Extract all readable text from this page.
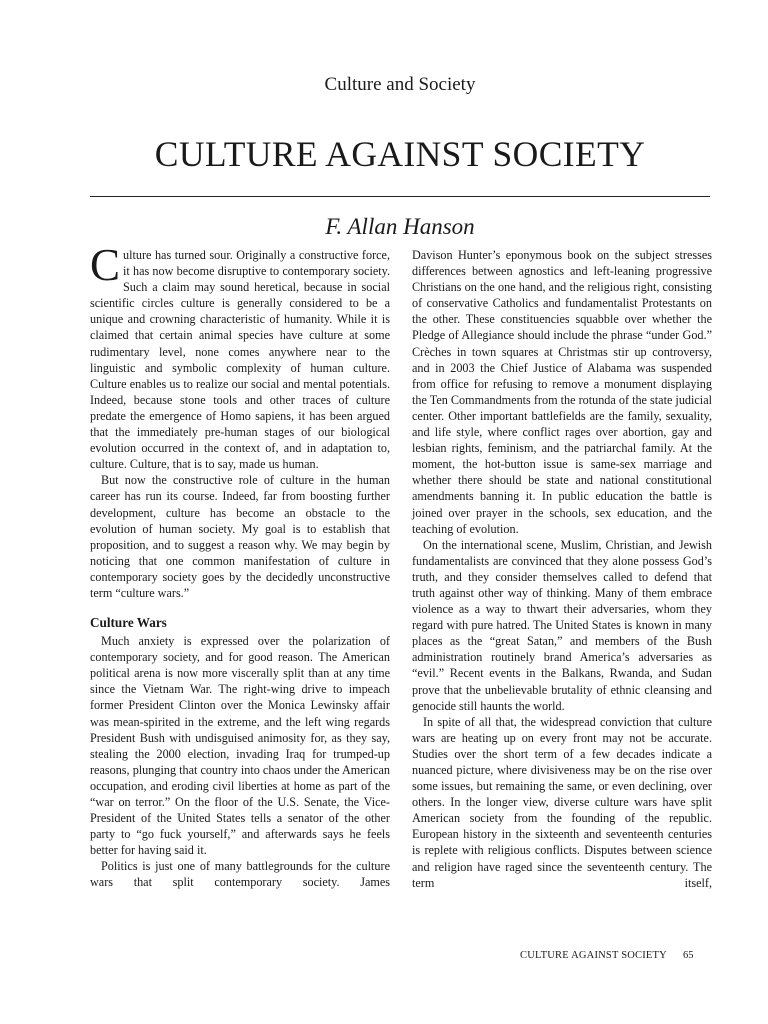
Culture and Society
CULTURE AGAINST SOCIETY
F. Allan Hanson

Culture has turned sour. Originally a constructive force, it has now become disruptive to contemporary society. Such a claim may sound heretical, because in social scientific circles culture is generally considered to be a unique and crowning characteristic of humanity. While it is claimed that certain animal species have culture at some rudimentary level, none comes anywhere near to the linguistic and symbolic complexity of human culture. Culture enables us to realize our social and mental potentials. Indeed, because stone tools and other traces of culture predate the emergence of Homo sapiens, it has been argued that the immediately pre-human stages of our biological evolution occurred in the context of, and in adaptation to, culture. Culture, that is to say, made us human.

But now the constructive role of culture in the human career has run its course. Indeed, far from boosting further development, culture has become an obstacle to the evolution of human society. My goal is to establish that proposition, and to suggest a reason why. We may begin by noticing that one common manifestation of culture in contemporary society goes by the decidedly unconstructive term “culture wars.”

Culture Wars

Much anxiety is expressed over the polarization of contemporary society, and for good reason. The American political arena is now more viscerally split than at any time since the Vietnam War. The right-wing drive to impeach former President Clinton over the Monica Lewinsky affair was mean-spirited in the extreme, and the left wing regards President Bush with undisguised animosity for, as they say, stealing the 2000 election, invading Iraq for trumped-up reasons, plunging that country into chaos under the American occupation, and eroding civil liberties at home as part of the “war on terror.” On the floor of the U.S. Senate, the Vice-President of the United States tells a senator of the other party to “go fuck yourself,” and afterwards says he feels better for having said it.

Politics is just one of many battlegrounds for the culture wars that split contemporary society. James

Davison Hunter’s eponymous book on the subject stresses differences between agnostics and left-leaning progressive Christians on the one hand, and the religious right, consisting of conservative Catholics and fundamentalist Protestants on the other. These constituencies squabble over whether the Pledge of Allegiance should include the phrase “under God.” Crèches in town squares at Christmas stir up controversy, and in 2003 the Chief Justice of Alabama was suspended from office for refusing to remove a monument displaying the Ten Commandments from the rotunda of the state judicial center. Other important battlefields are the family, sexuality, and life style, where conflict rages over abortion, gay and lesbian rights, feminism, and the patriarchal family. At the moment, the hot-button issue is same-sex marriage and whether there should be state and national constitutional amendments banning it. In public education the battle is joined over prayer in the schools, sex education, and the teaching of evolution.

On the international scene, Muslim, Christian, and Jewish fundamentalists are convinced that they alone possess God’s truth, and they consider themselves called to defend that truth against other way of thinking. Many of them embrace violence as a way to thwart their adversaries, whom they regard with pure hatred. The United States is known in many places as the “great Satan,” and members of the Bush administration routinely brand America’s adversaries as “evil.” Recent events in the Balkans, Rwanda, and Sudan prove that the unbelievable brutality of ethnic cleansing and genocide still haunts the world.

In spite of all that, the widespread conviction that culture wars are heating up on every front may not be accurate. Studies over the short term of a few decades indicate a nuanced picture, where divisiveness may be on the rise over some issues, but remaining the same, or even declining, over others. In the longer view, diverse culture wars have split American society from the founding of the republic. European history in the sixteenth and seventeenth centuries is replete with religious conflicts. Disputes between science and religion have raged since the seventeenth century. The term itself,

CULTURE AGAINST SOCIETY 65
